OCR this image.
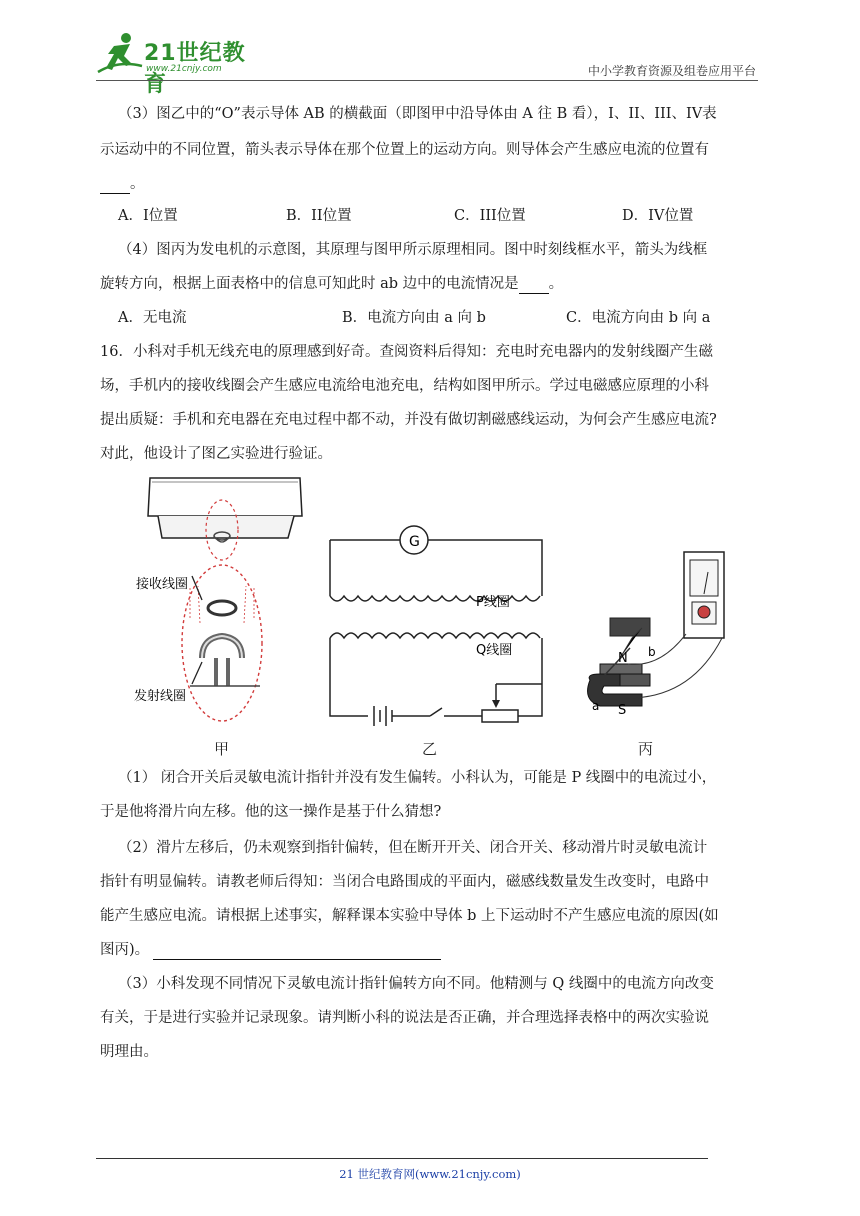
21世纪教育
www.21cnjy.com	中小学教育资源及组卷应用平台
（3）图乙中的“O”表示导体 AB 的横截面（即图甲中沿导体由 A 往 B 看），I、II、III、IV表
示运动中的不同位置，箭头表示导体在那个位置上的运动方向。则导体会产生感应电流的位置有
。
A．I位置	B．II位置	C．III位置	D．IV位置
（4）图丙为发电机的示意图，其原理与图甲所示原理相同。图中时刻线框水平，箭头为线框
旋转方向，根据上面表格中的信息可知此时 ab 边中的电流情况是 。
A．无电流	B．电流方向由 a 向 b	C．电流方向由 b 向 a
16．小科对手机无线充电的原理感到好奇。查阅资料后得知：充电时充电器内的发射线圈产生磁
场，手机内的接收线圈会产生感应电流给电池充电，结构如图甲所示。学过电磁感应原理的小科
提出质疑：手机和充电器在充电过程中都不动，并没有做切割磁感线运动，为何会产生感应电流?
对此，他设计了图乙实验进行验证。
接收线圈
发射线圈
G
P线圈
Q线圈
N
S
a
b
甲	乙	丙
（1） 闭合开关后灵敏电流计指针并没有发生偏转。小科认为，可能是 P 线圈中的电流过小，
于是他将滑片向左移。他的这一操作是基于什么猜想?
（2）滑片左移后，仍未观察到指针偏转，但在断开开关、闭合开关、移动滑片时灵敏电流计
指针有明显偏转。请教老师后得知：当闭合电路围成的平面内，磁感线数量发生改变时，电路中
能产生感应电流。请根据上述事实，解释课本实验中导体 b 上下运动时不产生感应电流的原因(如
图丙)。
（3）小科发现不同情况下灵敏电流计指针偏转方向不同。他精测与 Q 线圈中的电流方向改变
有关，于是进行实验并记录现象。请判断小科的说法是否正确，并合理选择表格中的两次实验说
明理由。
21 世纪教育网(www.21cnjy.com)
